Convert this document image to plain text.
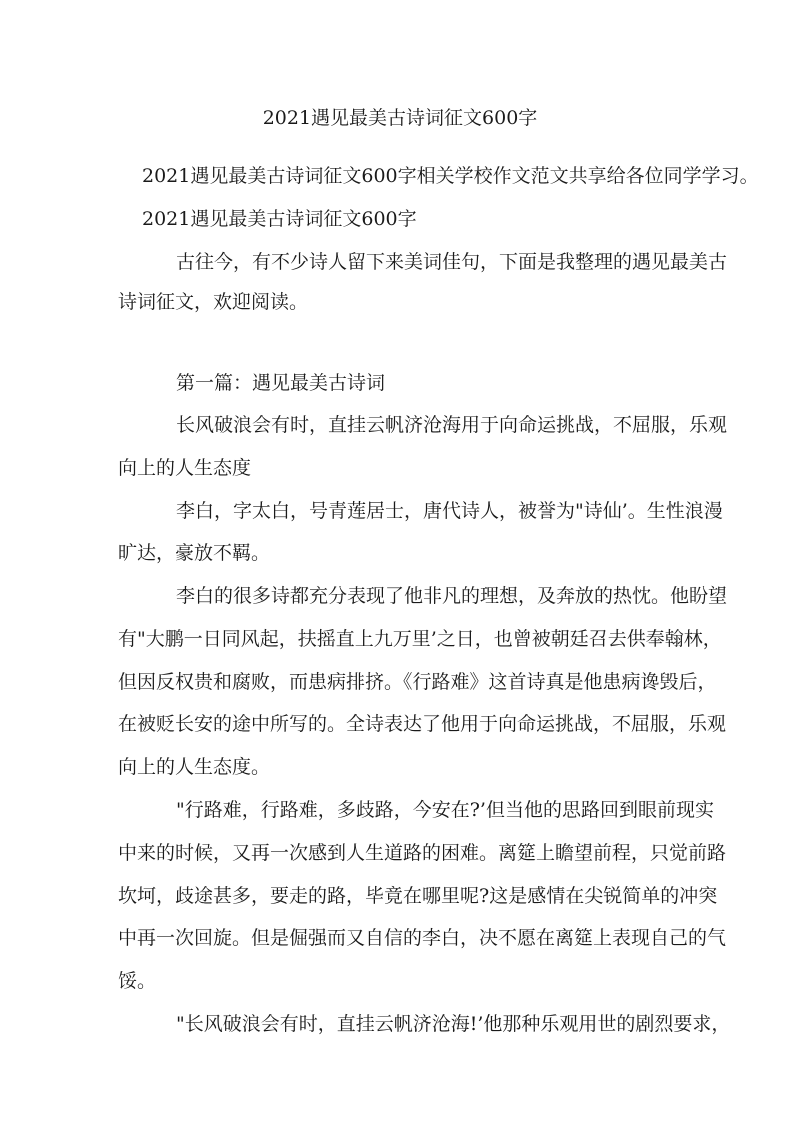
2021遇见最美古诗词征文600字
2021遇见最美古诗词征文600字相关学校作文范文共享给各位同学学习。
2021遇见最美古诗词征文600字
古往今，有不少诗人留下来美词佳句，下面是我整理的遇见最美古
诗词征文，欢迎阅读。
第一篇：遇见最美古诗词
长风破浪会有时，直挂云帆济沧海用于向命运挑战，不屈服，乐观
向上的人生态度
李白，字太白，号青莲居士，唐代诗人，被誉为"诗仙’。生性浪漫
旷达，豪放不羁。
李白的很多诗都充分表现了他非凡的理想，及奔放的热忱。他盼望
有"大鹏一日同风起，扶摇直上九万里’之日，也曾被朝廷召去供奉翰林，
但因反权贵和腐败，而患病排挤。《行路难》这首诗真是他患病谗毁后，
在被贬长安的途中所写的。全诗表达了他用于向命运挑战，不屈服，乐观
向上的人生态度。
"行路难，行路难，多歧路，今安在?’但当他的思路回到眼前现实
中来的时候，又再一次感到人生道路的困难。离筵上瞻望前程，只觉前路
坎坷，歧途甚多，要走的路，毕竟在哪里呢?这是感情在尖锐简单的冲突
中再一次回旋。但是倔强而又自信的李白，决不愿在离筵上表现自己的气
馁。
"长风破浪会有时，直挂云帆济沧海!’他那种乐观用世的剧烈要求，
